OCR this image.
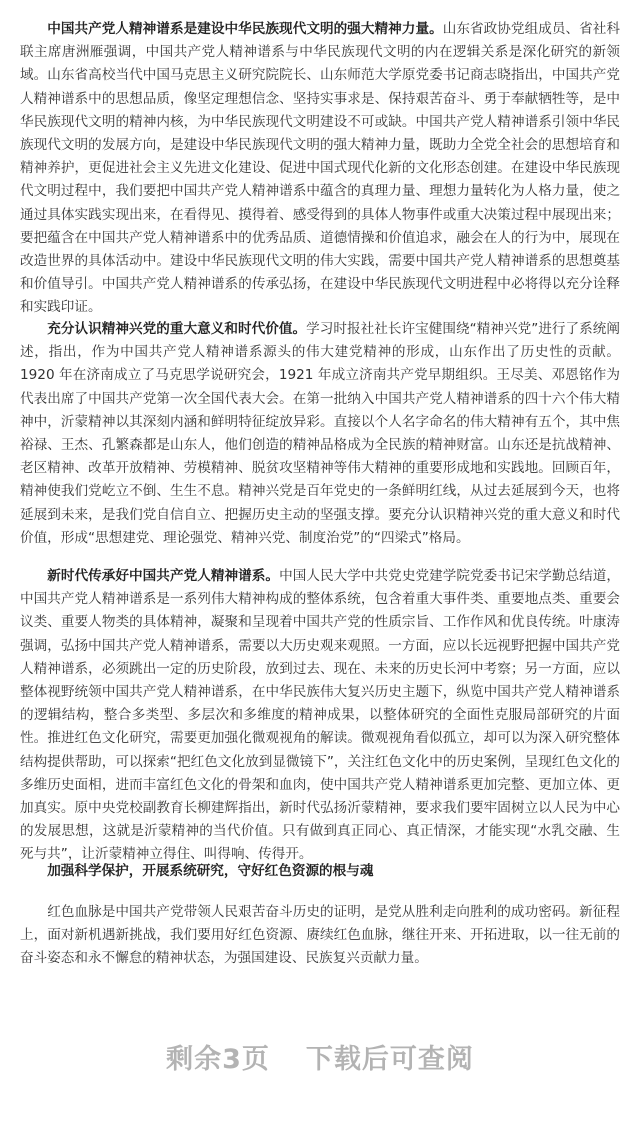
中国共产党人精神谱系是建设中华民族现代文明的强大精神力量。山东省政协党组成员、省社科联主席唐洲雁强调，中国共产党人精神谱系与中华民族现代文明的内在逻辑关系是深化研究的新领域。山东省高校当代中国马克思主义研究院院长、山东师范大学原党委书记商志晓指出，中国共产党人精神谱系中的思想品质，像坚定理想信念、坚持实事求是、保持艰苦奋斗、勇于奉献牺牲等，是中华民族现代文明的精神内核，为中华民族现代文明建设不可或缺。中国共产党人精神谱系引领中华民族现代文明的发展方向，是建设中华民族现代文明的强大精神力量，既助力全党全社会的思想培育和精神养护，更促进社会主义先进文化建设、促进中国式现代化新的文化形态创建。在建设中华民族现代文明过程中，我们要把中国共产党人精神谱系中蕴含的真理力量、理想力量转化为人格力量，使之通过具体实践实现出来，在看得见、摸得着、感受得到的具体人物事件或重大决策过程中展现出来；要把蕴含在中国共产党人精神谱系中的优秀品质、道德情操和价值追求，融会在人的行为中，展现在改造世界的具体活动中。建设中华民族现代文明的伟大实践，需要中国共产党人精神谱系的思想奠基和价值导引。中国共产党人精神谱系的传承弘扬，在建设中华民族现代文明进程中必将得以充分诠释和实践印证。

充分认识精神兴党的重大意义和时代价值。学习时报社社长许宝健围绕“精神兴党”进行了系统阐述，指出，作为中国共产党人精神谱系源头的伟大建党精神的形成，山东作出了历史性的贡献。1920 年在济南成立了马克思学说研究会，1921 年成立济南共产党早期组织。王尽美、邓恩铭作为代表出席了中国共产党第一次全国代表大会。在第一批纳入中国共产党人精神谱系的四十六个伟大精神中，沂蒙精神以其深刻内涵和鲜明特征绽放异彩。直接以个人名字命名的伟大精神有五个，其中焦裕禄、王杰、孔繁森都是山东人，他们创造的精神品格成为全民族的精神财富。山东还是抗战精神、老区精神、改革开放精神、劳模精神、脱贫攻坚精神等伟大精神的重要形成地和实践地。回顾百年，精神使我们党屹立不倒、生生不息。精神兴党是百年党史的一条鲜明红线，从过去延展到今天，也将延展到未来，是我们党自信自立、把握历史主动的坚强支撑。要充分认识精神兴党的重大意义和时代价值，形成“思想建党、理论强党、精神兴党、制度治党”的“四梁式”格局。

新时代传承好中国共产党人精神谱系。中国人民大学中共党史党建学院党委书记宋学勤总结道，中国共产党人精神谱系是一系列伟大精神构成的整体系统，包含着重大事件类、重要地点类、重要会议类、重要人物类的具体精神，凝聚和呈现着中国共产党的性质宗旨、工作作风和优良传统。叶康涛强调，弘扬中国共产党人精神谱系，需要以大历史观来观照。一方面，应以长远视野把握中国共产党人精神谱系，必须跳出一定的历史阶段，放到过去、现在、未来的历史长河中考察；另一方面，应以整体视野统领中国共产党人精神谱系，在中华民族伟大复兴历史主题下，纵览中国共产党人精神谱系的逻辑结构，整合多类型、多层次和多维度的精神成果，以整体研究的全面性克服局部研究的片面性。推进红色文化研究，需要更加强化微观视角的解读。微观视角看似孤立，却可以为深入研究整体结构提供帮助，可以探索“把红色文化放到显微镜下”，关注红色文化中的历史案例，呈现红色文化的多维历史面相，进而丰富红色文化的骨架和血肉，使中国共产党人精神谱系更加完整、更加立体、更加真实。原中央党校副教育长柳建辉指出，新时代弘扬沂蒙精神，要求我们要牢固树立以人民为中心的发展思想，这就是沂蒙精神的当代价值。只有做到真正同心、真正情深，才能实现“水乳交融、生死与共”，让沂蒙精神立得住、叫得响、传得开。

加强科学保护，开展系统研究，守好红色资源的根与魂

红色血脉是中国共产党带领人民艰苦奋斗历史的证明，是党从胜利走向胜利的成功密码。新征程上，面对新机遇新挑战，我们要用好红色资源、赓续红色血脉，继往开来、开拓进取，以一往无前的奋斗姿态和永不懈怠的精神状态，为强国建设、民族复兴贡献力量。

剩余3页 下载后可查阅
